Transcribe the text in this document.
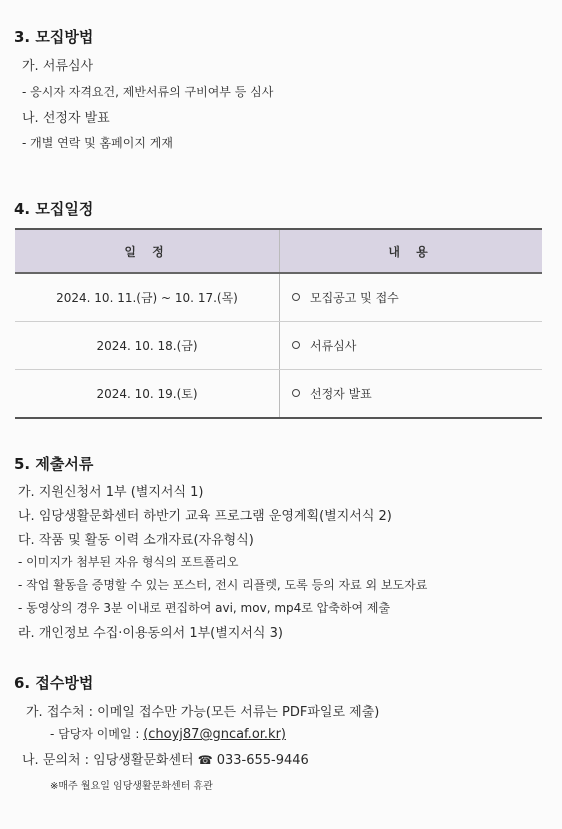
3. 모집방법
가. 서류심사
- 응시자 자격요건, 제반서류의 구비여부 등 심사
나. 선정자 발표
- 개별 연락 및 홈페이지 게재
4. 모집일정
일 정	내 용
2024. 10. 11.(금) ~ 10. 17.(목)	모집공고 및 접수
2024. 10. 18.(금)	서류심사
2024. 10. 19.(토)	선정자 발표
5. 제출서류
가. 지원신청서 1부 (별지서식 1)
나. 임당생활문화센터 하반기 교육 프로그램 운영계획(별지서식 2)
다. 작품 및 활동 이력 소개자료(자유형식)
- 이미지가 첨부된 자유 형식의 포트폴리오
- 작업 활동을 증명할 수 있는 포스터, 전시 리플렛, 도록 등의 자료 외 보도자료
- 동영상의 경우 3분 이내로 편집하여 avi, mov, mp4로 압축하여 제출
라. 개인정보 수집·이용동의서 1부(별지서식 3)
6. 접수방법
가. 접수처 : 이메일 접수만 가능(모든 서류는 PDF파일로 제출)
- 담당자 이메일 : (choyj87@gncaf.or.kr)
나. 문의처 : 임당생활문화센터 ☎ 033-655-9446
※매주 월요일 임당생활문화센터 휴관
